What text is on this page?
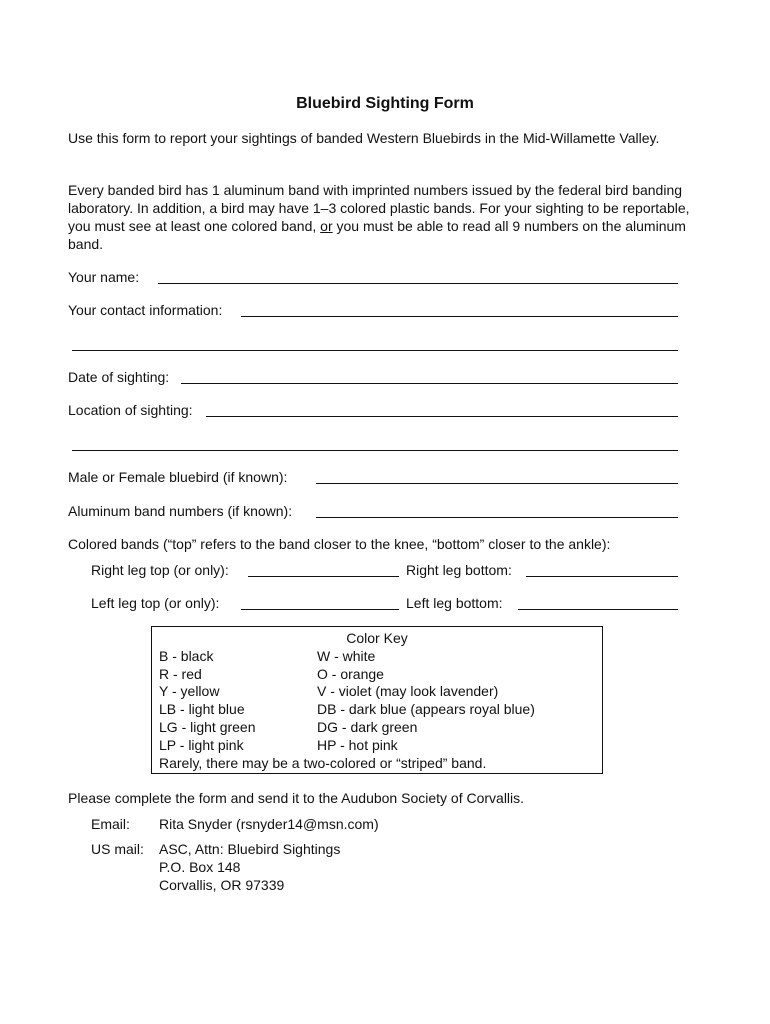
Bluebird Sighting Form
Use this form to report your sightings of banded Western Bluebirds in the Mid-Willamette Valley.
Every banded bird has 1 aluminum band with imprinted numbers issued by the federal bird banding laboratory. In addition, a bird may have 1–3 colored plastic bands. For your sighting to be reportable, you must see at least one colored band, or you must be able to read all 9 numbers on the aluminum band.
Your name:
Your contact information:
Date of sighting:
Location of sighting:
Male or Female bluebird (if known):
Aluminum band numbers (if known):
Colored bands (“top” refers to the band closer to the knee, “bottom” closer to the ankle):
Right leg top (or only):	Right leg bottom:
Left leg top (or only):	Left leg bottom:
Color Key
B - black	W - white
R - red	O - orange
Y - yellow	V - violet (may look lavender)
LB - light blue	DB - dark blue (appears royal blue)
LG - light green	DG - dark green
LP - light pink	HP - hot pink
Rarely, there may be a two-colored or “striped” band.
Please complete the form and send it to the Audubon Society of Corvallis.
Email: Rita Snyder (rsnyder14@msn.com)
US mail: ASC, Attn: Bluebird Sightings
P.O. Box 148
Corvallis, OR 97339
